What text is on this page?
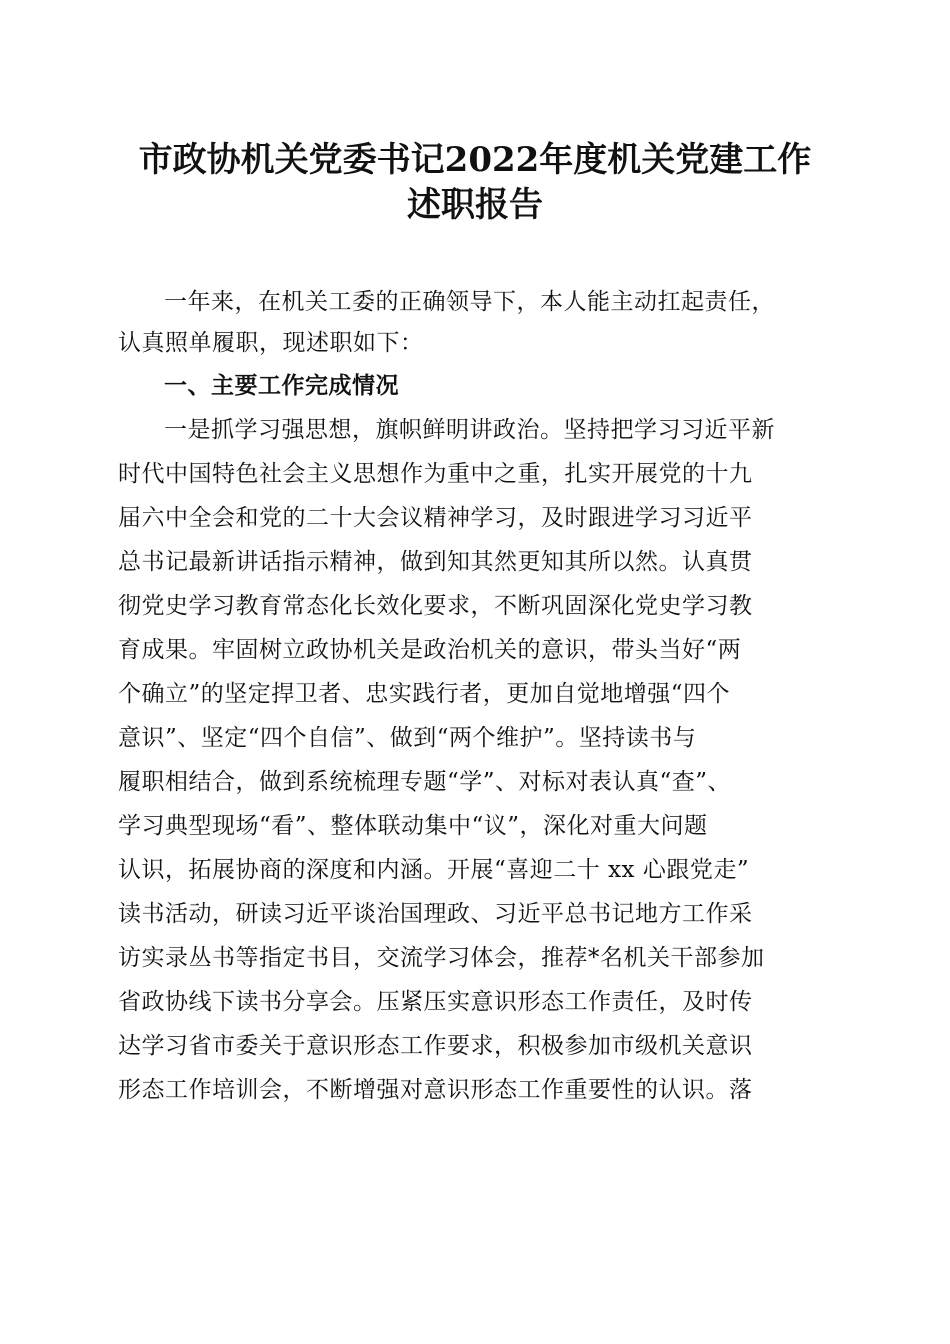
市政协机关党委书记2022年度机关党建工作
述职报告
一年来，在机关工委的正确领导下，本人能主动扛起责任，
认真照单履职，现述职如下：
一、主要工作完成情况
一是抓学习强思想，旗帜鲜明讲政治。坚持把学习习近平新
时代中国特色社会主义思想作为重中之重，扎实开展党的十九
届六中全会和党的二十大会议精神学习，及时跟进学习习近平
总书记最新讲话指示精神，做到知其然更知其所以然。认真贯
彻党史学习教育常态化长效化要求，不断巩固深化党史学习教
育成果。牢固树立政协机关是政治机关的意识，带头当好“两
个确立”的坚定捍卫者、忠实践行者，更加自觉地增强“四个
意识”、坚定“四个自信”、做到“两个维护”。坚持读书与
履职相结合，做到系统梳理专题“学”、对标对表认真“查”、
学习典型现场“看”、整体联动集中“议”，深化对重大问题
认识，拓展协商的深度和内涵。开展“喜迎二十 xx 心跟党走”
读书活动，研读习近平谈治国理政、习近平总书记地方工作采
访实录丛书等指定书目，交流学习体会，推荐*名机关干部参加
省政协线下读书分享会。压紧压实意识形态工作责任，及时传
达学习省市委关于意识形态工作要求，积极参加市级机关意识
形态工作培训会，不断增强对意识形态工作重要性的认识。落
